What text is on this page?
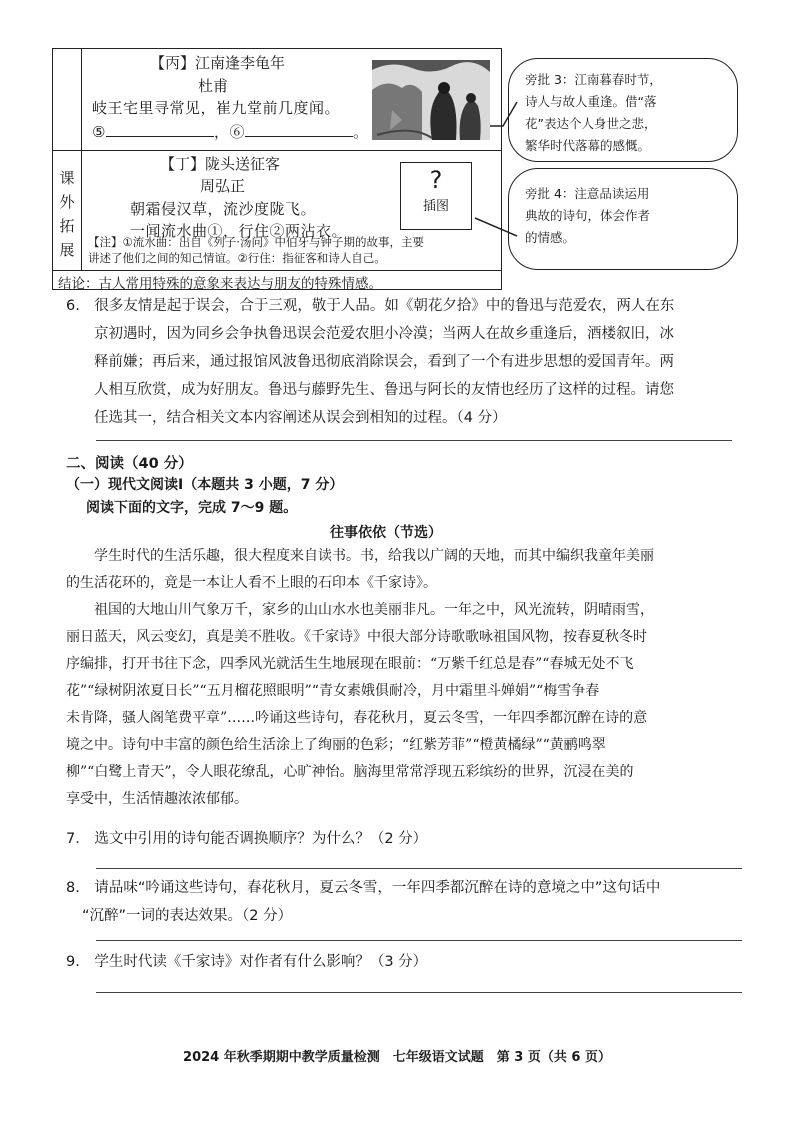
课
外
拓
展
【丙】江南逢李龟年
杜甫
岐王宅里寻常见，崔九堂前几度闻。
⑤	，⑥	。
【丁】陇头送征客
周弘正
朝霜侵汉草，流沙度陇飞。
一闻流水曲①，行住②两沾衣。
【注】①流水曲：出自《列子·汤问》中伯牙与钟子期的故事，主要
讲述了他们之间的知己情谊。②行住：指征客和诗人自己。
?
插图
结论：古人常用特殊的意象来表达与朋友的特殊情感。
旁批 3：江南暮春时节，
诗人与故人重逢。借“落
花”表达个人身世之悲，
繁华时代落幕的感慨。
旁批 4：注意品读运用
典故的诗句，体会作者
的情感。
6.　很多友情是起于误会，合于三观，敬于人品。如《朝花夕拾》中的鲁迅与范爱农，两人在东
京初遇时，因为同乡会争执鲁迅误会范爱农胆小冷漠；当两人在故乡重逢后，酒楼叙旧，冰
释前嫌；再后来，通过报馆风波鲁迅彻底消除误会，看到了一个有进步思想的爱国青年。两
人相互欣赏，成为好朋友。鲁迅与藤野先生、鲁迅与阿长的友情也经历了这样的过程。请您
任选其一，结合相关文本内容阐述从误会到相知的过程。（4 分）
二、阅读（40 分）
（一）现代文阅读Ⅰ（本题共 3 小题，7 分）
阅读下面的文字，完成 7～9 题。
往事依依（节选）
学生时代的生活乐趣，很大程度来自读书。书，给我以广阔的天地，而其中编织我童年美丽
的生活花环的，竟是一本让人看不上眼的石印本《千家诗》。
祖国的大地山川气象万千，家乡的山山水水也美丽非凡。一年之中，风光流转，阴晴雨雪，
丽日蓝天，风云变幻，真是美不胜收。《千家诗》中很大部分诗歌歌咏祖国风物，按春夏秋冬时
序编排，打开书往下念，四季风光就活生生地展现在眼前：“万紫千红总是春”“春城无处不飞
花”“绿树阴浓夏日长”“五月榴花照眼明”“青女素娥俱耐冷，月中霜里斗婵娟”“梅雪争春
未肯降，骚人阁笔费平章”……吟诵这些诗句，春花秋月，夏云冬雪，一年四季都沉醉在诗的意
境之中。诗句中丰富的颜色给生活涂上了绚丽的色彩；“红紫芳菲”“橙黄橘绿”“黄鹂鸣翠
柳”“白鹭上青天”，令人眼花缭乱，心旷神怡。脑海里常常浮现五彩缤纷的世界，沉浸在美的
享受中，生活情趣浓浓郁郁。
7.　选文中引用的诗句能否调换顺序？为什么？（2 分）
8.　请品味“吟诵这些诗句，春花秋月，夏云冬雪，一年四季都沉醉在诗的意境之中”这句话中
“沉醉”一词的表达效果。（2 分）
9.　学生时代读《千家诗》对作者有什么影响？（3 分）
2024 年秋季期期中教学质量检测　七年级语文试题　第 3 页（共 6 页）
